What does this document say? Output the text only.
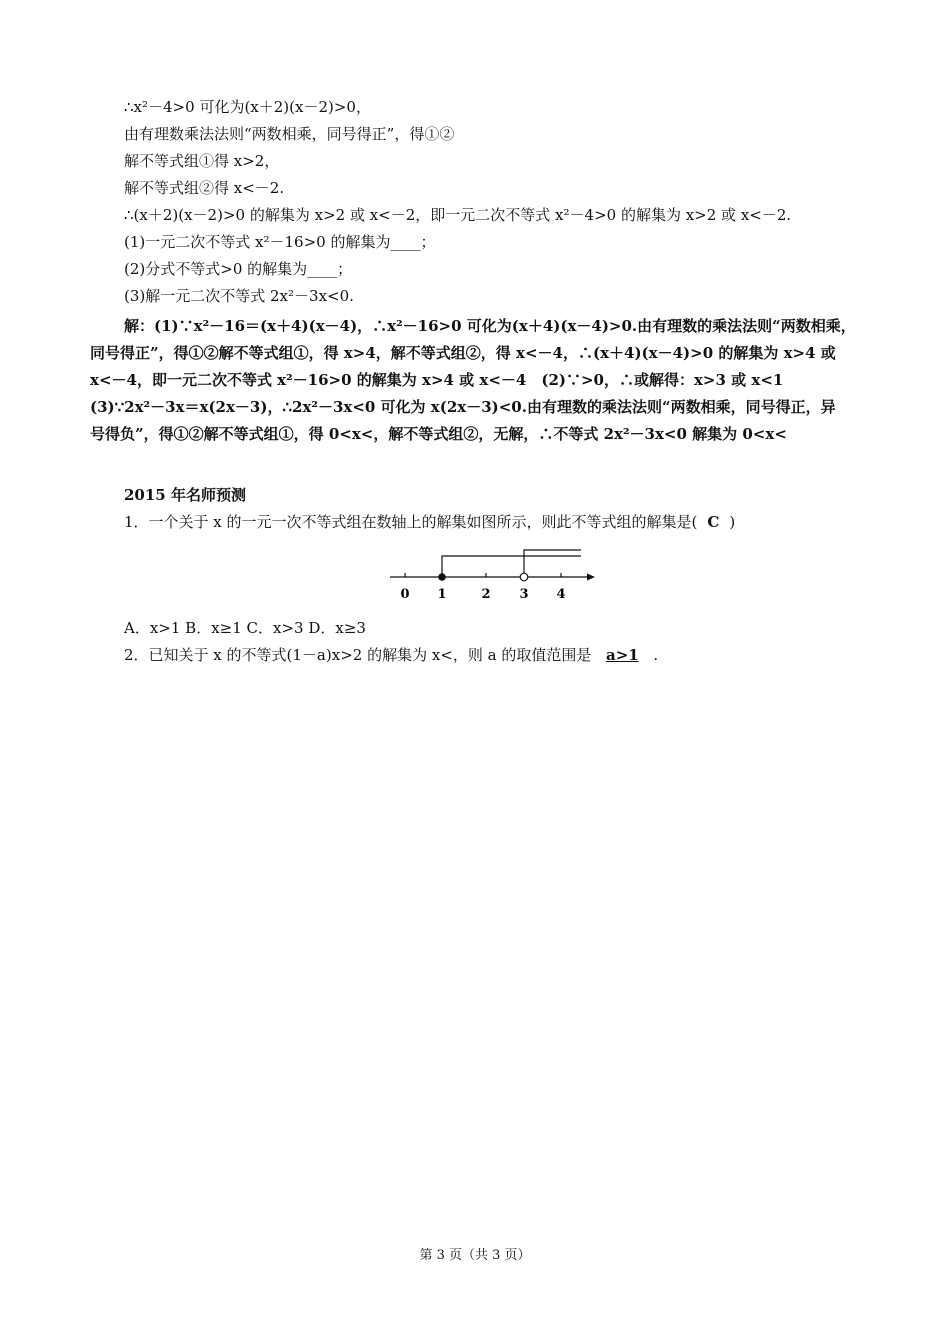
∴x²－4>0 可化为(x＋2)(x－2)>0，
由有理数乘法法则“两数相乘，同号得正”，得①②
解不等式组①得 x>2，
解不等式组②得 x<－2.
∴(x＋2)(x－2)>0 的解集为 x>2 或 x<－2，即一元二次不等式 x²－4>0 的解集为 x>2 或 x<－2.
(1)一元二次不等式 x²－16>0 的解集为____；
(2)分式不等式>0 的解集为____；
(3)解一元二次不等式 2x²－3x<0.
解：(1)∵x²－16＝(x＋4)(x－4)，∴x²－16>0 可化为(x＋4)(x－4)>0.由有理数的乘法法则“两数相乘，
同号得正”，得①②解不等式组①，得 x>4，解不等式组②，得 x<－4，∴(x＋4)(x－4)>0 的解集为 x>4 或
x<－4，即一元二次不等式 x²－16>0 的解集为 x>4 或 x<－4　(2)∵>0，∴或解得：x>3 或 x<1
(3)∵2x²－3x＝x(2x－3)，∴2x²－3x<0 可化为 x(2x－3)<0.由有理数的乘法法则“两数相乘，同号得正，异
号得负”，得①②解不等式组①，得 0<x<，解不等式组②，无解，∴不等式 2x²－3x<0 解集为 0<x<
2015 年名师预测
1．一个关于 x 的一元一次不等式组在数轴上的解集如图所示，则此不等式组的解集是( C )
0 1	2 3 4
A．x>1 B．x≥1 C．x>3 D．x≥3
2．已知关于 x 的不等式(1－a)x>2 的解集为 x<，则 a 的取值范围是 a>1 .
第 3 页（共 3 页）
